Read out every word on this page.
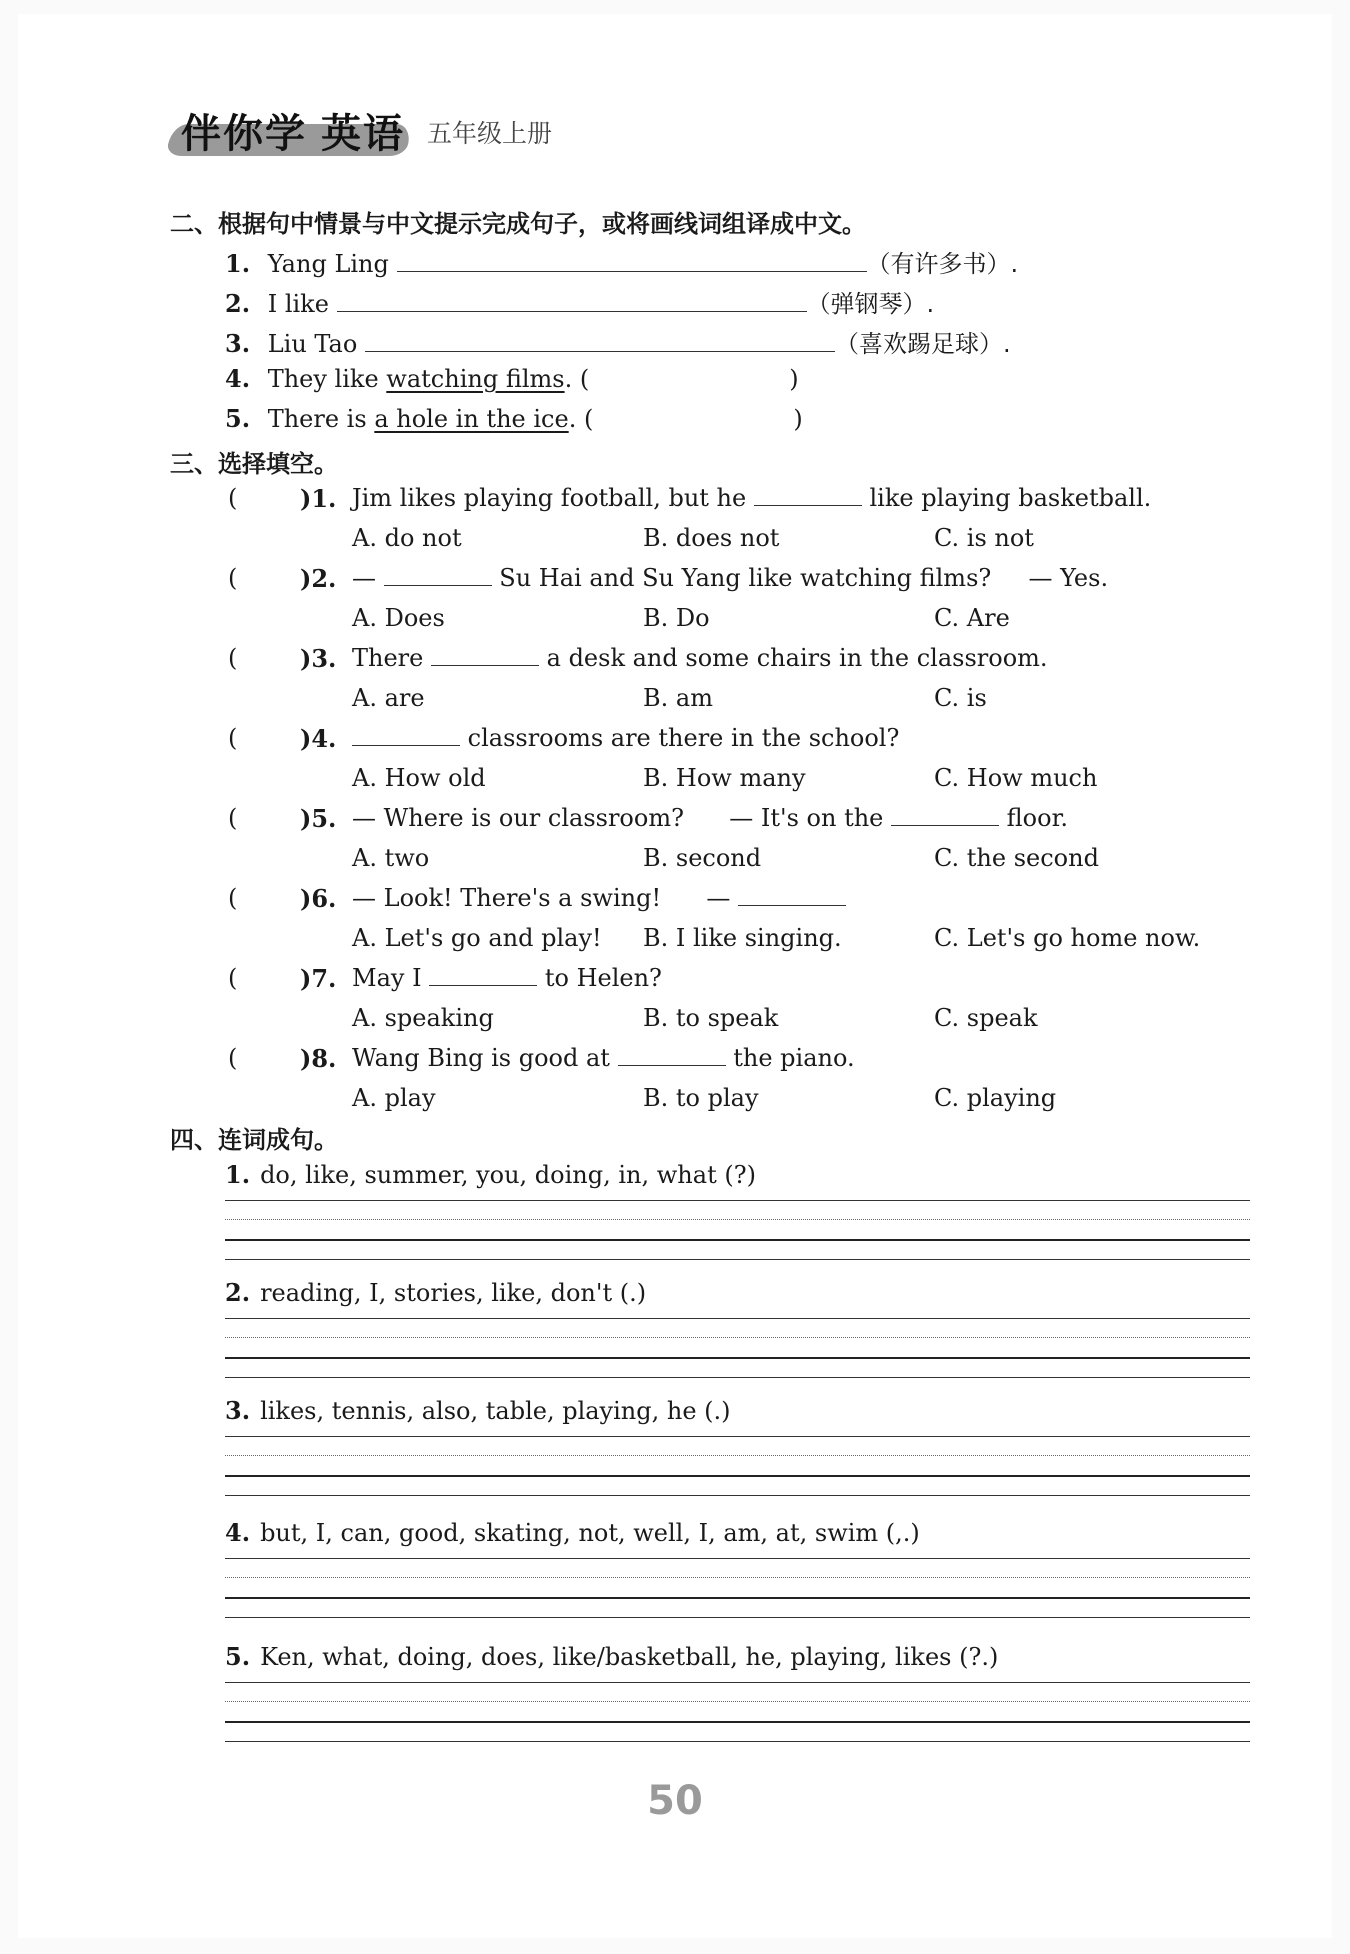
伴你学 英语 五年级上册
二、根据句中情景与中文提示完成句子，或将画线词组译成中文。
1. Yang Ling	（有许多书）.
2. I like	（弹钢琴）.
3. Liu Tao	（喜欢踢足球）.
4. They like watching films. (	)
5. There is a hole in the ice. (	)
三、选择填空。
(	)1. Jim likes playing football, but he	like playing basketball.
A. do not	B. does not	C. is not
(	)2. —	Su Hai and Su Yang like watching films? — Yes.
A. Does	B. Do	C. Are
(	)3. There	a desk and some chairs in the classroom.
A. are	B. am	C. is
(	)4.	classrooms are there in the school?
A. How old	B. How many	C. How much
(	)5. — Where is our classroom? — It's on the	floor.
A. two	B. second	C. the second
(	)6. — Look! There's a swing! —
A. Let's go and play! B. I like singing.	C. Let's go home now.
(	)7. May I	to Helen?
A. speaking	B. to speak	C. speak
(	)8. Wang Bing is good at	the piano.
A. play	B. to play	C. playing
四、连词成句。
1. do, like, summer, you, doing, in, what (?)
2. reading, I, stories, like, don't (.)
3. likes, tennis, also, table, playing, he (.)
4. but, I, can, good, skating, not, well, I, am, at, swim (,.)
5. Ken, what, doing, does, like/basketball, he, playing, likes (?.)
50
